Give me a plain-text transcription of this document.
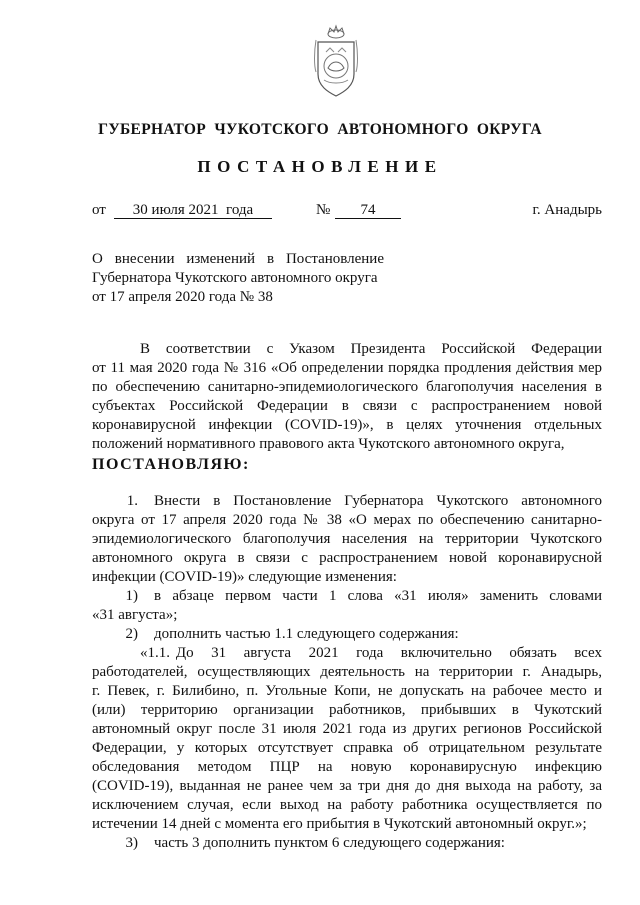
ГУБЕРНАТОР  ЧУКОТСКОГО  АВТОНОМНОГО  ОКРУГА
ПОСТАНОВЛЕНИЕ
от	30 июля 2021  года	№	74	г. Анадырь
О  внесении  изменений  в  Постановление
Губернатора Чукотского автономного округа
от 17 апреля 2020 года № 38
В   соответствии   с   Указом   Президента   Российской   Федерации
от 11 мая 2020 года № 316 «Об определении порядка продления действия мер
по обеспечению санитарно-эпидемиологического благополучия населения в
субъектах  Российской  Федерации  в  связи  с  распространением  новой
коронавирусной  инфекции  (COVID-19)»,  в  целях  уточнения  отдельных
положений нормативного правового акта Чукотского автономного округа,
ПОСТАНОВЛЯЮ:
1.	Внести в Постановление Губернатора Чукотского автономного
округа от 17 апреля 2020 года № 38 «О мерах по обеспечению санитарно-
эпидемиологического  благополучия  населения  на  территории  Чукотского
автономного округа в связи с распространением новой коронавирусной
инфекции (COVID-19)» следующие изменения:
1)	в  абзаце  первом  части  1  слова  «31  июля»  заменить  словами
«31 августа»;
2)	дополнить частью 1.1 следующего содержания:
«1.1. До   31   августа   2021   года   включительно   обязать   всех
работодателей, осуществляющих деятельность на территории г. Анадырь,
г. Певек, г. Билибино, п. Угольные Копи, не допускать на рабочее место и
(или)  территорию  организации  работников,  прибывших  в  Чукотский
автономный округ после 31 июля 2021 года из других регионов Российской
Федерации,  у  которых  отсутствует  справка  об  отрицательном  результате
обследования    методом    ПЦР    на    новую    коронавирусную    инфекцию
(COVID-19), выданная не ранее чем за три дня до дня выхода на работу, за
исключением случая, если выход на работу работника осуществляется по
истечении 14 дней с момента его прибытия в Чукотский автономный округ.»;
3)	часть 3 дополнить пунктом 6 следующего содержания:
